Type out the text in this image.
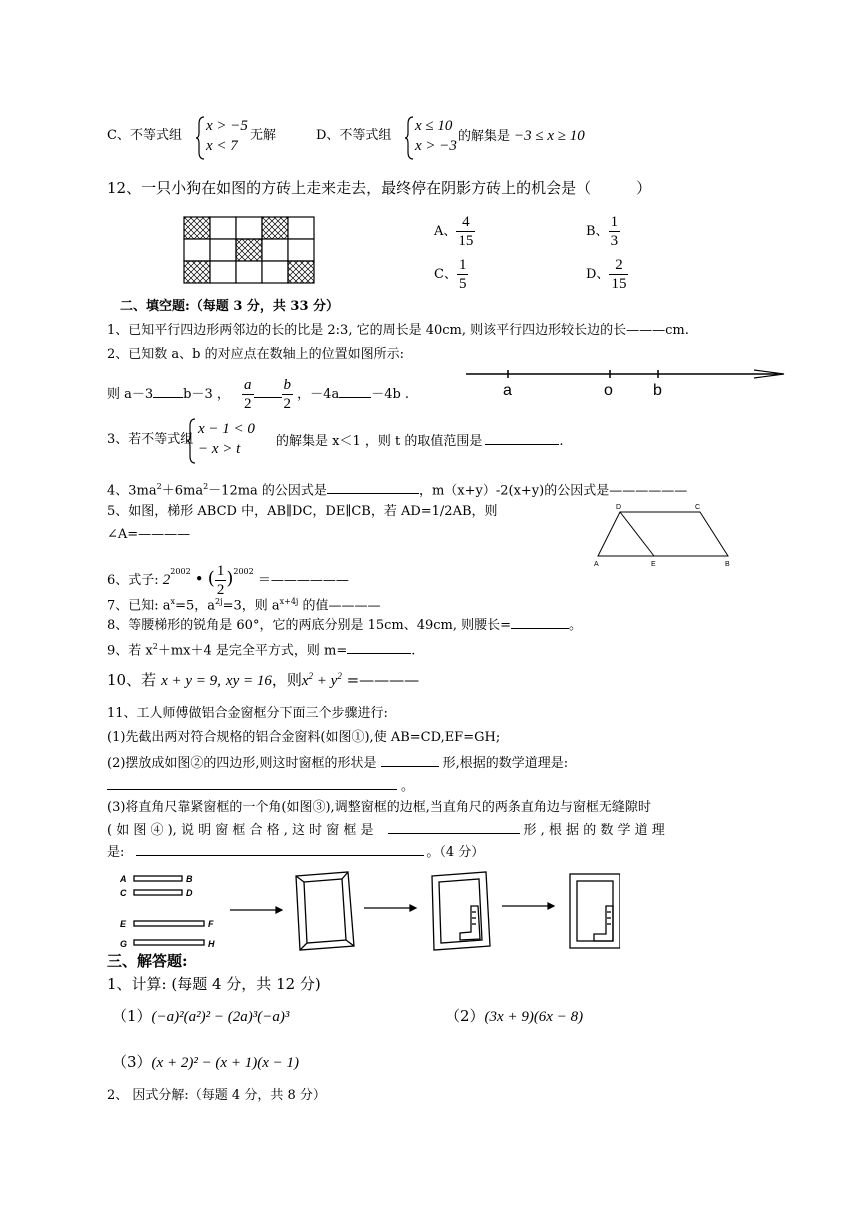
C、不等式组
x > −5
x < 7
无解	D、不等式组
x ≤ 10
x > −3
的解集是 −3 ≤ x ≥ 10
12、一只小狗在如图的方砖上走来走去，最终停在阴影方砖上的机会是（　　　）
A、 $\frac{4}{15}$	B、 $\frac{1}{3}$
C、 $\frac{1}{5}$	D、 $\frac{2}{15}$
二、填空题:（每题 3 分，共 33 分）
1、已知平行四边形两邻边的长的比是 2:3, 它的周长是 40cm, 则该平行四边形较长边的长———cm.
2、已知数 a、b 的对应点在数轴上的位置如图所示:
则 a－3 b－3 ， $\frac{a}{2} \frac{b}{2}$ ，－4a －4b .	a	o	b
3、若不等式组
x − 1 < 0
− x > t	的解集是 x＜1 ，则 t 的取值范围是	.
4、$3ma^2+6ma^2-12ma$ 的公因式是	，m（x+y）-2(x+y)的公因式是——————
5、如图，梯形 ABCD 中，AB∥DC，DE∥CB，若 AD=1/2AB，则
∠A=————
D	C
A	E	B
6、式子: $2^{2002}$ • ( $\frac{1}{2} )^{2002}$ ＝——————
7、已知: $a^x=5$，$a^{2j}=3$，则 $a^{x+4j}$ 的值————
8、等腰梯形的锐角是 60°，它的两底分别是 15cm、49cm, 则腰长=	。
9、若 $x^2+mx+4$ 是完全平方式，则 m=	.
10、若 x + y = 9, xy = 16，则$x^2 + y^2$ =————
11、工人师傅做铝合金窗框分下面三个步骤进行:
(1)先截出两对符合规格的铝合金窗料(如图①),使 AB=CD,EF=GH;
(2)摆放成如图②的四边形,则这时窗框的形状是	形,根据的数学道理是:
。
(3)将直角尺靠紧窗框的一个角(如图③),调整窗框的边框,当直角尺的两条直角边与窗框无缝隙时
( 如 图 ④ ), 说 明 窗 框 合 格 , 这 时 窗 框 是	形 , 根 据 的 数 学 道 理
是:	。（4 分）
A	B
C	D
E	F
G	H
三、解答题:
1、计算: (每题 4 分，共 12 分)
（1）(−a)²(a²)² − (2a)³(−a)³	（2）(3x + 9)(6x − 8)
（3）(x + 2)² − (x + 1)(x − 1)
2、 因式分解:（每题 4 分，共 8 分）
